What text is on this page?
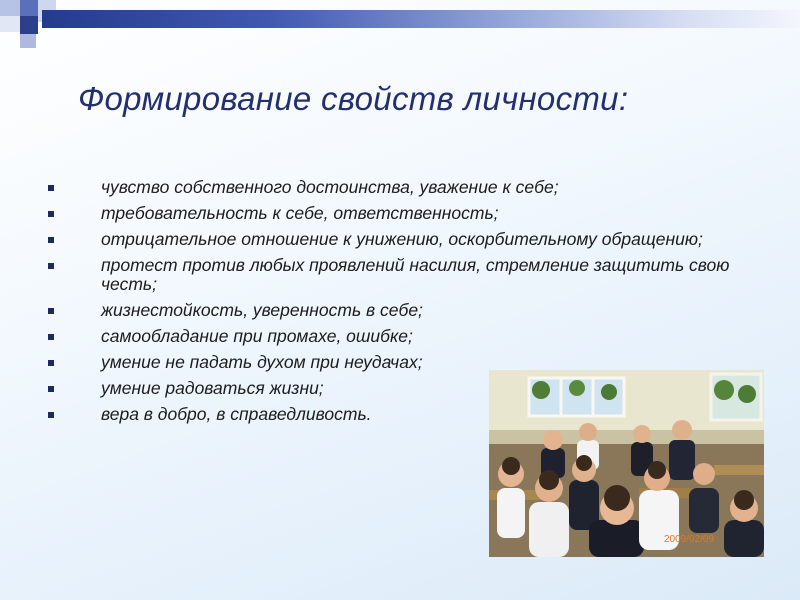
Формирование свойств личности:
чувство собственного достоинства, уважение к себе;
требовательность к себе, ответственность;
отрицательное отношение к унижению, оскорбительному обращению;
протест против любых проявлений насилия, стремление защитить свою честь;
жизнестойкость, уверенность в себе;
самообладание при промахе, ошибке;
умение не падать духом при неудачах;
умение радоваться жизни;
вера в добро, в справедливость.
2009/02/09
